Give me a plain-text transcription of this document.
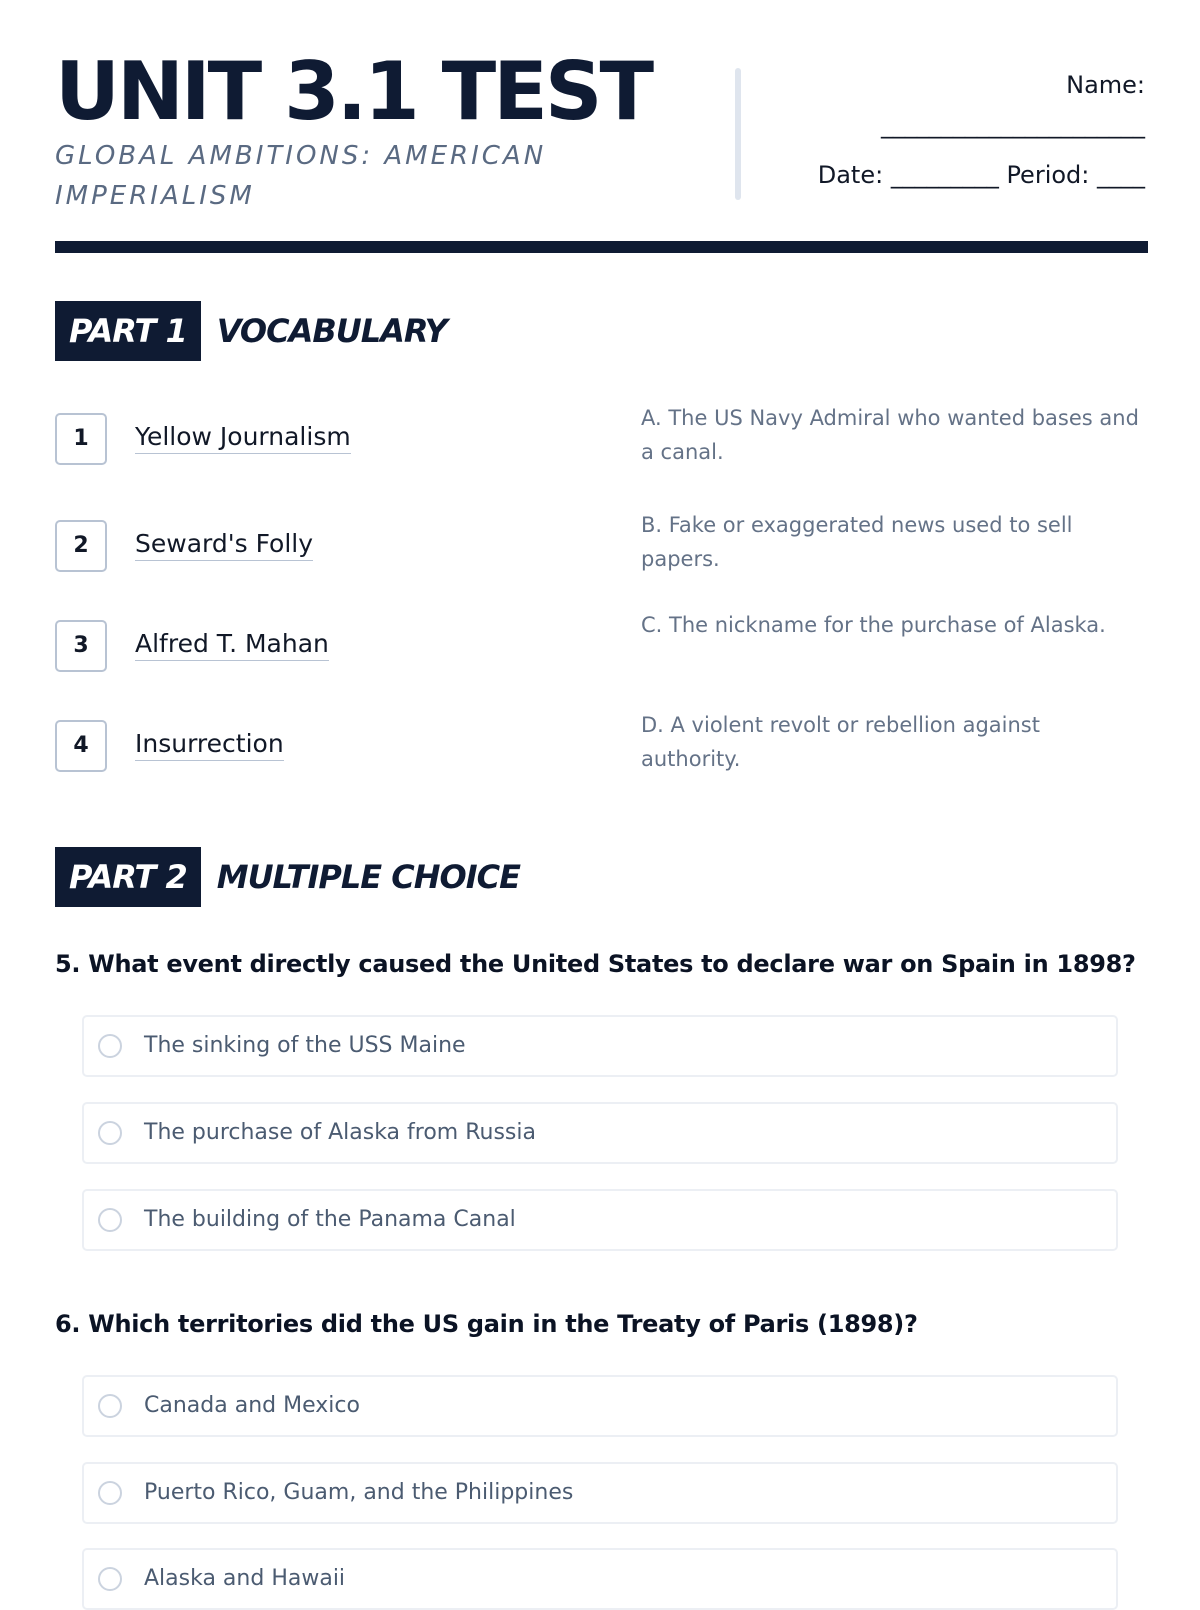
UNIT 3.1 TEST

GLOBAL AMBITIONS: AMERICAN IMPERIALISM

Name:
______________________
Date: _________ Period: ____
PART 1 VOCABULARY
1	Yellow Journalism
A. The US Navy Admiral who wanted bases and a canal.
2	Seward's Folly
B. Fake or exaggerated news used to sell papers.
3	Alfred T. Mahan
C. The nickname for the purchase of Alaska.
4	Insurrection
D. A violent revolt or rebellion against authority.
PART 2 MULTIPLE CHOICE

5. What event directly caused the United States to declare war on Spain in 1898?

The sinking of the USS Maine
The purchase of Alaska from Russia
The building of the Panama Canal

6. Which territories did the US gain in the Treaty of Paris (1898)?

Canada and Mexico
Puerto Rico, Guam, and the Philippines
Alaska and Hawaii
